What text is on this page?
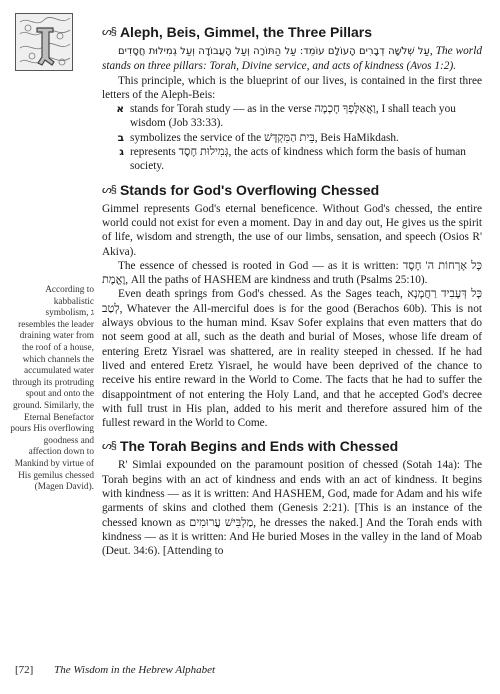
According to kabbalistic symbolism, ג resembles the leader draining water from the roof of a house, which channels the accumulated water through its protruding spout and onto the ground. Similarly, the Eternal Benefactor pours His overflowing goodness and affection down to Mankind by virtue of His gemilus chessed (Magen David).
ᔕ§ Aleph, Beis, Gimmel, the Three Pillars

עַל שְׁלֹשָׁה דְבָרִים הָעוֹלָם עוֹמֵד: עַל הַתּוֹרָה וְעַל הָעֲבוֹדָה וְעַל גְמִילוּת חֲסָדִים, The world stands on three pillars: Torah, Divine service, and acts of kindness (Avos 1:2).

This principle, which is the blueprint of our lives, is contained in the first three letters of the Aleph-Beis:

א stands for Torah study — as in the verse וַאֲאַלֶּפְךָ חָכְמָה, I shall teach you wisdom (Job 33:33).
ב symbolizes the service of the בֵּית הַמִּקְדָּשׁ, Beis HaMikdash.
ג represents גְּמִילוּת חֶסֶד, the acts of kindness which form the basis of human society.
ᔕ§ Stands for God's Overflowing Chessed

Gimmel represents God's eternal beneficence. Without God's chessed, the entire world could not exist for even a moment. Day in and day out, He gives us the spirit of life, wisdom and strength, the use of our limbs, sensation, and speech (Osios R' Akiva).

The essence of chessed is rooted in God — as it is written: כָּל אָרְחוֹת ה' חֶסֶד וֶאֱמֶת, All the paths of HASHEM are kindness and truth (Psalms 25:10).

Even death springs from God's chessed. As the Sages teach, כָּל דְּעָבִיד רַחֲמָנָא לְטַב, Whatever the All-merciful does is for the good (Berachos 60b). This is not always obvious to the human mind. Ksav Sofer explains that even matters that do not seem good at all, such as the death and burial of Moses, whose life dream of entering Eretz Yisrael was shattered, are in reality steeped in chessed. If he had lived and entered Eretz Yisrael, he would have been deprived of the chance to receive his entire reward in the World to Come. The facts that he had to suffer the disappointment of not entering the Holy Land, and that he accepted God's decree with full trust in His plan, added to his merit and therefore assured him of the fullest reward in the World to Come.

ᔕ§ The Torah Begins and Ends with Chessed

R' Simlai expounded on the paramount position of chessed (Sotah 14a): The Torah begins with an act of kindness and ends with an act of kindness. It begins with kindness — as it is written: And HASHEM, God, made for Adam and his wife garments of skins and clothed them (Genesis 2:21). [This is an instance of the chessed known as מַלְבִּישׁ עֲרוּמִים, he dresses the naked.] And the Torah ends with kindness — as it is written: And He buried Moses in the valley in the land of Moab (Deut. 34:6). [Attending to

[72] The Wisdom in the Hebrew Alphabet
